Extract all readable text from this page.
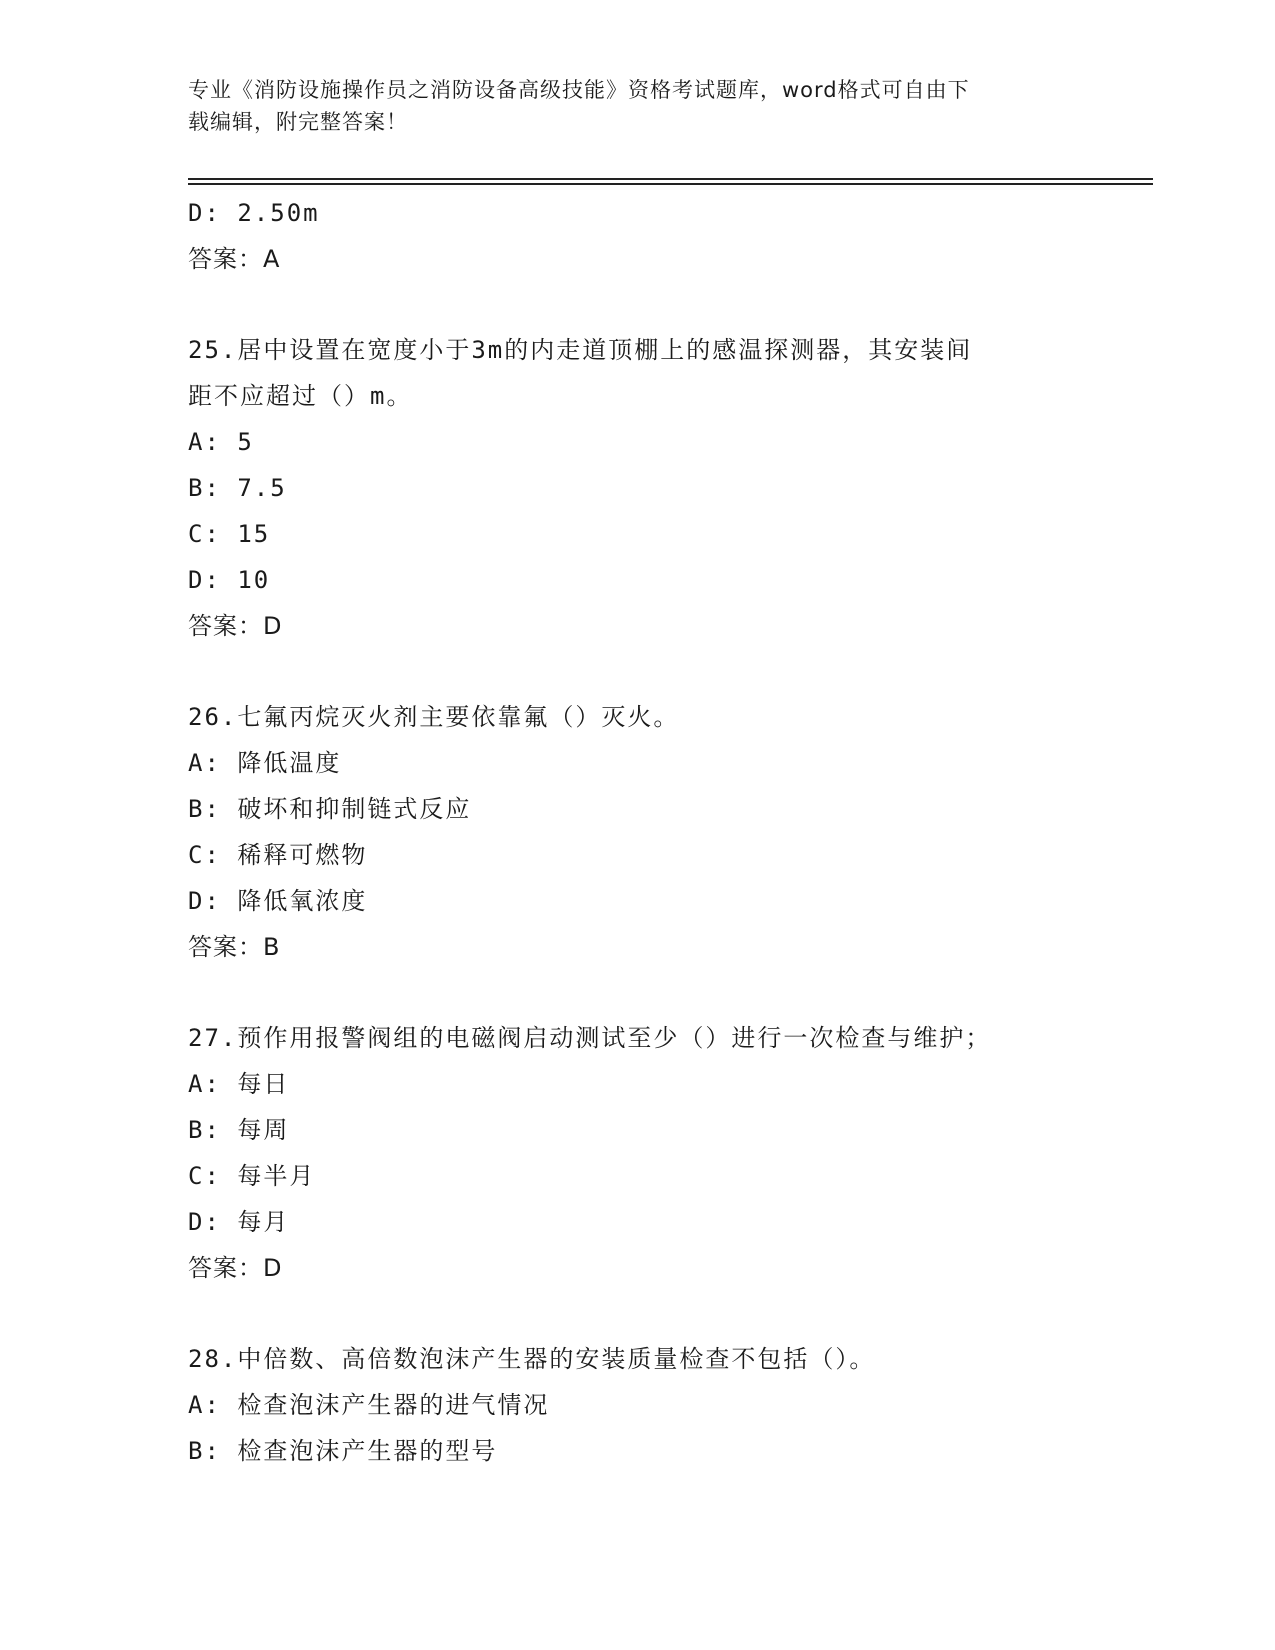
专业《消防设施操作员之消防设备高级技能》资格考试题库，word格式可自由下
载编辑，附完整答案！
D: 2.50m
答案：A
25.居中设置在宽度小于3m的内走道顶棚上的感温探测器，其安装间
距不应超过（）m。
A: 5
B: 7.5
C: 15
D: 10
答案：D
26.七氟丙烷灭火剂主要依靠氟（）灭火。
A: 降低温度
B: 破坏和抑制链式反应
C: 稀释可燃物
D: 降低氧浓度
答案：B
27.预作用报警阀组的电磁阀启动测试至少（）进行一次检查与维护；
A: 每日
B: 每周
C: 每半月
D: 每月
答案：D
28.中倍数、高倍数泡沫产生器的安装质量检查不包括（）。
A: 检查泡沫产生器的进气情况
B: 检查泡沫产生器的型号
